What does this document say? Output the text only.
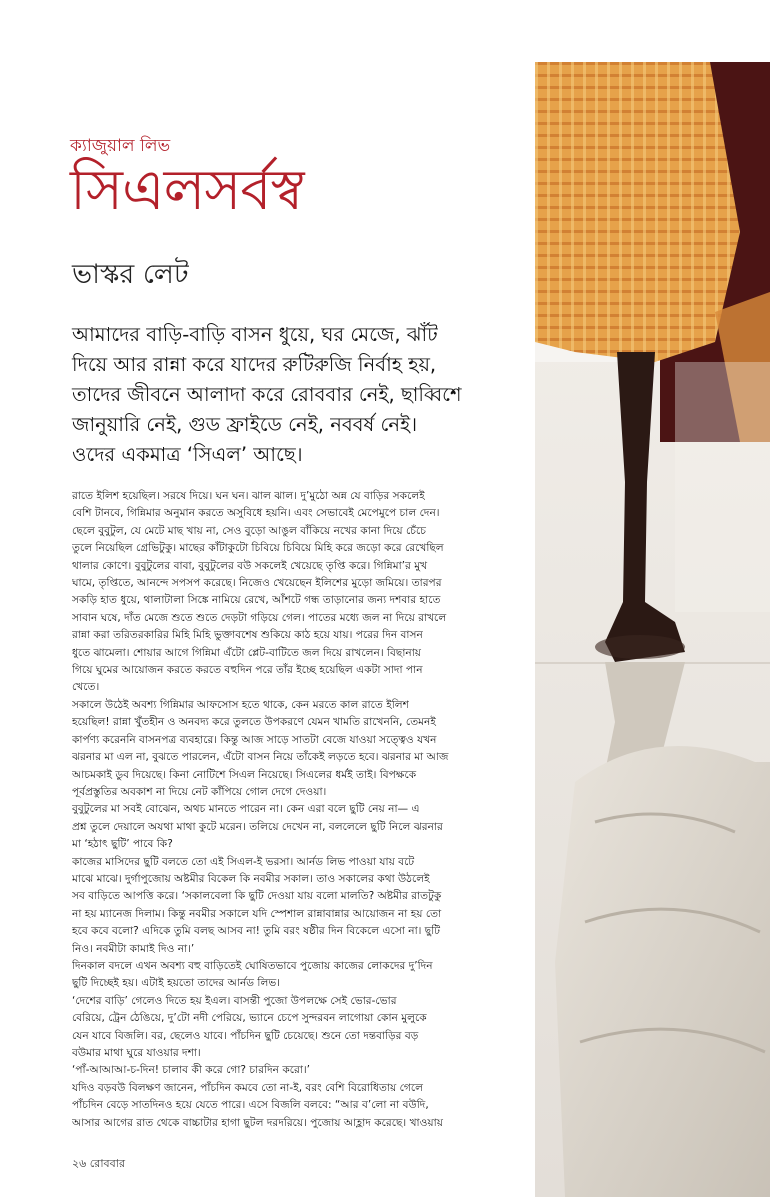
ক্যাজুয়াল লিভ
সিএলসর্বস্ব
ভাস্কর লেট

আমাদের বাড়ি-বাড়ি বাসন ধুয়ে, ঘর মেজে, ঝাঁট

দিয়ে আর রান্না করে যাদের রুটিরুজি নির্বাহ হয়,

তাদের জীবনে আলাদা করে রোববার নেই, ছাব্বিশে

জানুয়ারি নেই, গুড ফ্রাইডে নেই, নববর্ষ নেই।

ওদের একমাত্র ‘সিএল’ আছে।

রাতে ইলিশ হয়েছিল। সরষে দিয়ে। ঘন ঘন। ঝাল ঝাল। দু’মুঠো অন্ন যে বাড়ির সকলেই

বেশি টানবে, গিন্নিমার অনুমান করতে অসুবিধে হয়নি। এবং সেভাবেই মেপেমুপে চাল দেন।

ছেলে বুবুটুল, যে মেটে মাছ খায় না, সেও বুড়ো আঙুল বাঁকিয়ে নখের কানা দিয়ে চেঁচে

তুলে নিয়েছিল গ্রেভিটুকু। মাছের কাঁটাকুটো চিবিয়ে চিবিয়ে মিহি করে জড়ো করে রেখেছিল

থালার কোণে। বুবুটুলের বাবা, বুবুটুলের বউ সকলেই খেয়েছে তৃপ্তি করে। গিন্নিমা’র মুখ

ঘামে, তৃপ্তিতে, আনন্দে সপসপ করেছে। নিজেও খেয়েছেন ইলিশের মুড়ো জমিয়ে। তারপর

সকড়ি হাত ধুয়ে, থালাটালা সিঙ্কে নামিয়ে রেখে, আঁশটে গন্ধ তাড়ানোর জন্য দশবার হাতে

সাবান ঘষে, দাঁত মেজে শুতে শুতে দেড়টা গড়িয়ে গেল। পাতের মধ্যে জল না দিয়ে রাখলে

রান্না করা তরিতরকারির মিহি মিহি ভুক্তাবশেষ শুকিয়ে কাঠ হয়ে যায়। পরের দিন বাসন

ধুতে ঝামেলা। শোয়ার আগে গিন্নিমা এঁটো প্লেট-বাটিতে জল দিয়ে রাখলেন। বিছানায়

গিয়ে ঘুমের আয়োজন করতে করতে বহুদিন পরে তাঁর ইচ্ছে হয়েছিল একটা সাদা পান

খেতে।

সকালে উঠেই অবশ্য গিন্নিমার আফসোস হতে থাকে, কেন মরতে কাল রাতে ইলিশ

হয়েছিল! রান্না খুঁতহীন ও অনবদ্য করে তুলতে উপকরণে যেমন খামতি রাখেননি, তেমনই

কার্পণ্য করেননি বাসনপত্র ব্যবহারে। কিন্তু আজ সাড়ে সাতটা বেজে যাওয়া সত্ত্বেও যখন

ঝরনার মা এল না, বুঝতে পারলেন, এঁটো বাসন নিয়ে তাঁকেই লড়তে হবে। ঝরনার মা আজ

আচমকাই ডুব দিয়েছে। কিনা নোটিশে সিএল নিয়েছে। সিএলের ধর্মই তাই। বিপক্ষকে

পূর্বপ্রস্তুতির অবকাশ না দিয়ে নেট কাঁপিয়ে গোল দেগে দেওয়া।

বুবুটুলের মা সবই বোঝেন, অথচ মানতে পারেন না। কেন এরা বলে ছুটি নেয় না— এ

প্রশ্ন তুলে দেয়ালে অযথা মাথা কুটে মরেন। তলিয়ে দেখেন না, বললেলে ছুটি নিলে ঝরনার

মা ‘হঠাৎ ছুটি’ পাবে কি?

কাজের মাসিদের ছুটি বলতে তো এই সিএল-ই ভরসা। আর্নড লিভ পাওয়া যায় বটে

মাঝে মাঝে। দুর্গাপুজোয় অষ্টমীর বিকেল কি নবমীর সকাল। তাও সকালের কথা উঠলেই

সব বাড়িতে আপত্তি করে। ‘সকালবেলা কি ছুটি দেওয়া যায় বলো মালতি? অষ্টমীর রাতটুকু

না হয় ম্যানেজ দিলাম। কিন্তু নবমীর সকালে যদি স্পেশাল রান্নাবান্নার আয়োজন না হয় তো

হবে কবে বলো? এদিকে তুমি বলছ আসব না! তুমি বরং ষষ্ঠীর দিন বিকেলে এসো না। ছুটি

নিও। নবমীটা কামাই দিও না।’

দিনকাল বদলে এখন অবশ্য বহু বাড়িতেই ঘোষিতভাবে পুজোয় কাজের লোকদের দু’দিন

ছুটি দিচ্ছেই হয়। এটাই হয়তো তাদের আর্নড লিভ।

‘দেশের বাড়ি’ গেলেও দিতে হয় ইএল। বাসন্তী পুজো উপলক্ষে সেই ভোর-ভোর

বেরিয়ে, ট্রেন ঠেঙিয়ে, দু’টো নদী পেরিয়ে, ভ্যানে চেপে সুন্দরবন লাগোয়া কোন মুলুকে

যেন যাবে বিজলি। বর, ছেলেও যাবে। পাঁচদিন ছুটি চেয়েছে। শুনে তো দন্তবাড়ির বড়

বউমার মাথা ঘুরে যাওয়ার দশা।

‘পাঁ-আআআ-চ-দিন! চালাব কী করে গো? চারদিন করো।’

যদিও বড়বউ বিলক্ষণ জানেন, পাঁচদিন কমবে তো না-ই, বরং বেশি বিরোধিতায় গেলে

পাঁচদিন বেড়ে সাতদিনও হয়ে যেতে পারে। এসে বিজলি বলবে: “আর ব’লো না বউদি,

আসার আগের রাত থেকে বাচ্চাটার হাগা ছুটল দরদরিয়ে। পুজোয় আহ্লাদ করেছে। খাওয়ায়

২৬ রোববার
